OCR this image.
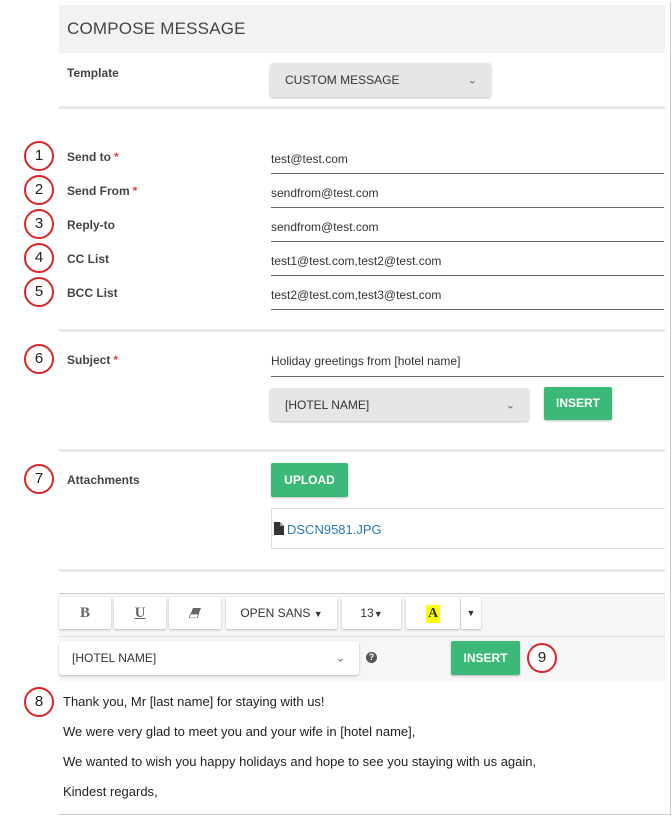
COMPOSE MESSAGE
Template	CUSTOM MESSAGE	⌄
1	Send to *	test@test.com
2	Send From *	sendfrom@test.com
3	Reply-to	sendfrom@test.com
4	CC List	test1@test.com,test2@test.com
5	BCC List	test2@test.com,test3@test.com
6	Subject *	Holiday greetings from [hotel name]
[HOTEL NAME]	⌄	INSERT
7	Attachments	UPLOAD
DSCN9581.JPG
B	U	OPEN SANS ▼	13▼	A	▼
[HOTEL NAME]	⌄	?	INSERT	9
8	Thank you, Mr [last name] for staying with us!
We were very glad to meet you and your wife in [hotel name],
We wanted to wish you happy holidays and hope to see you staying with us again,
Kindest regards,
